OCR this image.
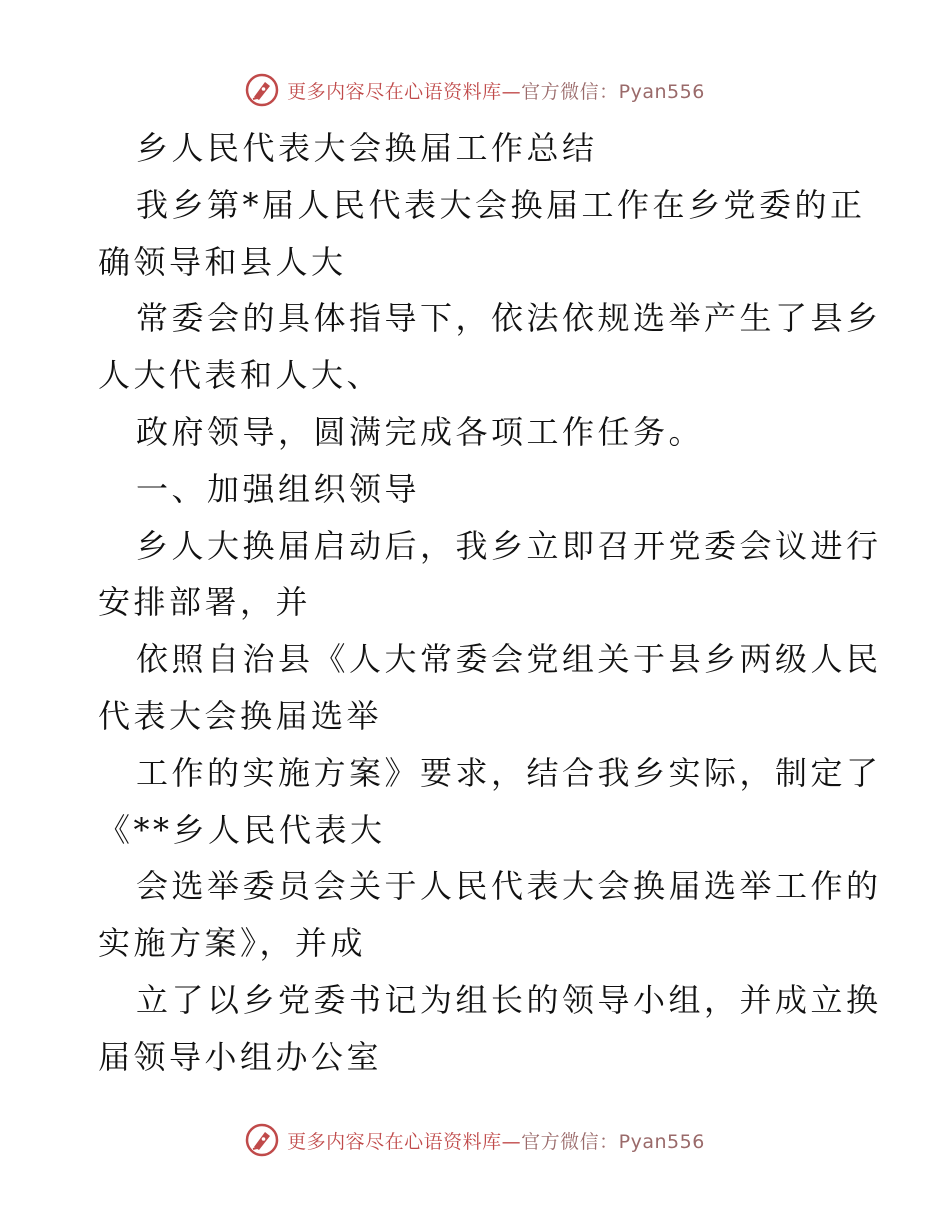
更多内容尽在心语资料库—官方微信：Pyan556
乡人民代表大会换届工作总结
我乡第*届人民代表大会换届工作在乡党委的正
确领导和县人大
常委会的具体指导下，依法依规选举产生了县乡
人大代表和人大、
政府领导，圆满完成各项工作任务。
一、加强组织领导
乡人大换届启动后，我乡立即召开党委会议进行
安排部署，并
依照自治县《人大常委会党组关于县乡两级人民
代表大会换届选举
工作的实施方案》要求，结合我乡实际，制定了
《**乡人民代表大
会选举委员会关于人民代表大会换届选举工作的
实施方案》，并成
立了以乡党委书记为组长的领导小组，并成立换
届领导小组办公室
更多内容尽在心语资料库—官方微信：Pyan556
